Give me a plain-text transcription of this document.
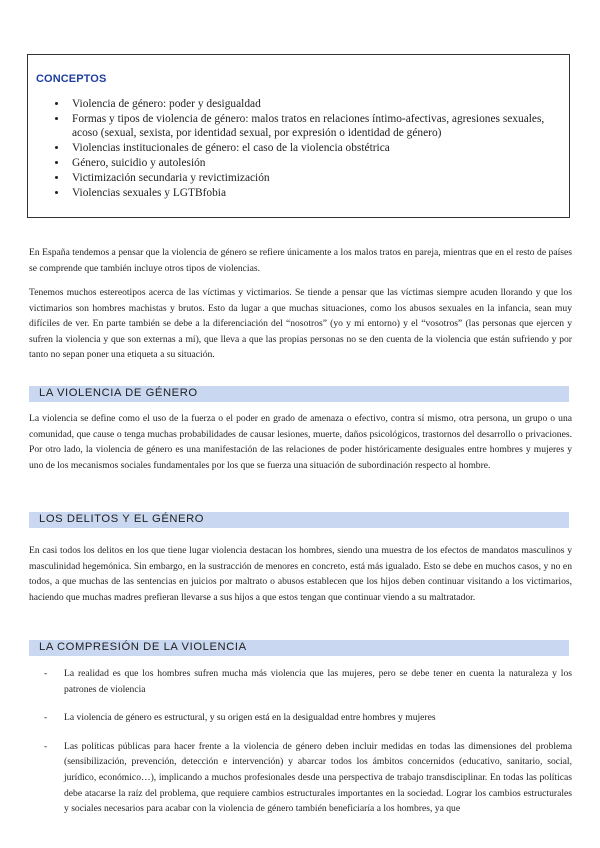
CONCEPTOS
• Violencia de género: poder y desigualdad
• Formas y tipos de violencia de género: malos tratos en relaciones íntimo-afectivas, agresiones sexuales, acoso (sexual, sexista, por identidad sexual, por expresión o identidad de género)
• Violencias institucionales de género: el caso de la violencia obstétrica
• Género, suicidio y autolesión
• Victimización secundaria y revictimización
• Violencias sexuales y LGTBfobia

En España tendemos a pensar que la violencia de género se refiere únicamente a los malos tratos en pareja, mientras que en el resto de países se comprende que también incluye otros tipos de violencias.

Tenemos muchos estereotipos acerca de las víctimas y victimarios. Se tiende a pensar que las víctimas siempre acuden llorando y que los victimarios son hombres machistas y brutos. Esto da lugar a que muchas situaciones, como los abusos sexuales en la infancia, sean muy difíciles de ver. En parte también se debe a la diferenciación del “nosotros” (yo y mi entorno) y el “vosotros” (las personas que ejercen y sufren la violencia y que son externas a mí), que lleva a que las propias personas no se den cuenta de la violencia que están sufriendo y por tanto no sepan poner una etiqueta a su situación.

LA VIOLENCIA DE GÉNERO

La violencia se define como el uso de la fuerza o el poder en grado de amenaza o efectivo, contra sí mismo, otra persona, un grupo o una comunidad, que cause o tenga muchas probabilidades de causar lesiones, muerte, daños psicológicos, trastornos del desarrollo o privaciones. Por otro lado, la violencia de género es una manifestación de las relaciones de poder históricamente desiguales entre hombres y mujeres y uno de los mecanismos sociales fundamentales por los que se fuerza una situación de subordinación respecto al hombre.

LOS DELITOS Y EL GÉNERO

En casi todos los delitos en los que tiene lugar violencia destacan los hombres, siendo una muestra de los efectos de mandatos masculinos y masculinidad hegemónica. Sin embargo, en la sustracción de menores en concreto, está más igualado. Esto se debe en muchos casos, y no en todos, a que muchas de las sentencias en juicios por maltrato o abusos establecen que los hijos deben continuar visitando a los victimarios, haciendo que muchas madres prefieran llevarse a sus hijos a que estos tengan que continuar viendo a su maltratador.

LA COMPRESIÓN DE LA VIOLENCIA
- La realidad es que los hombres sufren mucha más violencia que las mujeres, pero se debe tener en cuenta la naturaleza y los patrones de violencia
- La violencia de género es estructural, y su origen está en la desigualdad entre hombres y mujeres
- Las políticas públicas para hacer frente a la violencia de género deben incluir medidas en todas las dimensiones del problema (sensibilización, prevención, detección e intervención) y abarcar todos los ámbitos concernidos (educativo, sanitario, social, jurídico, económico…), implicando a muchos profesionales desde una perspectiva de trabajo transdisciplinar. En todas las políticas debe atacarse la raíz del problema, que requiere cambios estructurales importantes en la sociedad. Lograr los cambios estructurales y sociales necesarios para acabar con la violencia de género también beneficiaría a los hombres, ya que
